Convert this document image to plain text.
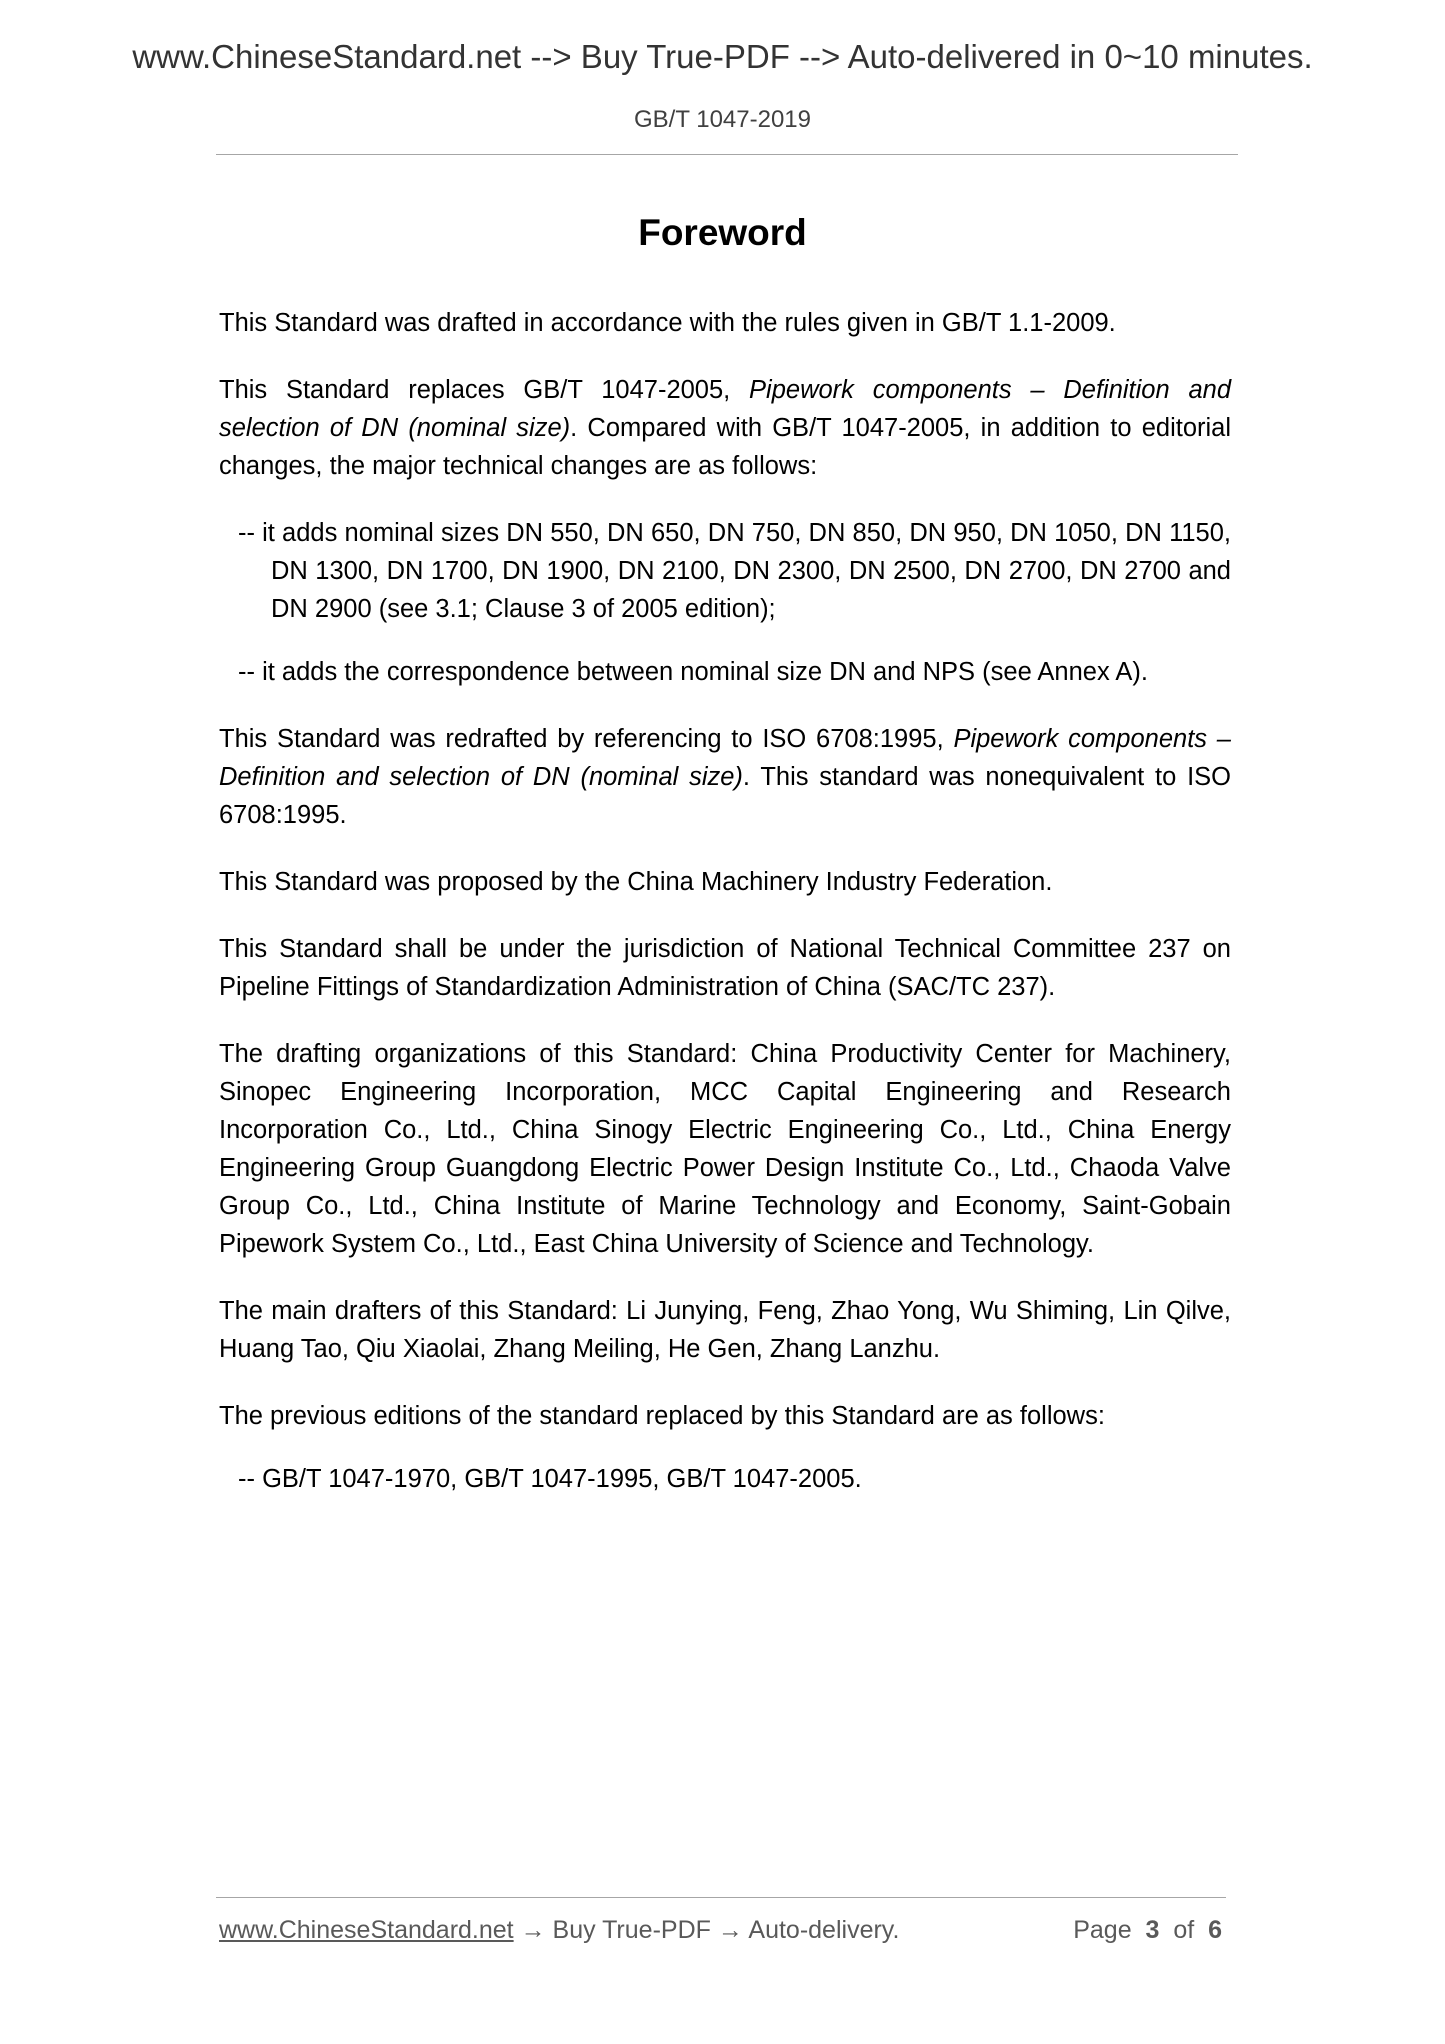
www.ChineseStandard.net --> Buy True-PDF --> Auto-delivered in 0~10 minutes.
GB/T 1047-2019
Foreword

This Standard was drafted in accordance with the rules given in GB/T 1.1-2009.

This Standard replaces GB/T 1047-2005, Pipework components – Definition and selection of DN (nominal size). Compared with GB/T 1047-2005, in addition to editorial changes, the major technical changes are as follows:

-- it adds nominal sizes DN 550, DN 650, DN 750, DN 850, DN 950, DN 1050, DN 1150, DN 1300, DN 1700, DN 1900, DN 2100, DN 2300, DN 2500, DN 2700, DN 2700 and DN 2900 (see 3.1; Clause 3 of 2005 edition);

-- it adds the correspondence between nominal size DN and NPS (see Annex A).

This Standard was redrafted by referencing to ISO 6708:1995, Pipework components – Definition and selection of DN (nominal size). This standard was nonequivalent to ISO 6708:1995.

This Standard was proposed by the China Machinery Industry Federation.

This Standard shall be under the jurisdiction of National Technical Committee 237 on Pipeline Fittings of Standardization Administration of China (SAC/TC 237).

The drafting organizations of this Standard: China Productivity Center for Machinery, Sinopec Engineering Incorporation, MCC Capital Engineering and Research Incorporation Co., Ltd., China Sinogy Electric Engineering Co., Ltd., China Energy Engineering Group Guangdong Electric Power Design Institute Co., Ltd., Chaoda Valve Group Co., Ltd., China Institute of Marine Technology and Economy, Saint-Gobain Pipework System Co., Ltd., East China University of Science and Technology.

The main drafters of this Standard: Li Junying, Feng, Zhao Yong, Wu Shiming, Lin Qilve, Huang Tao, Qiu Xiaolai, Zhang Meiling, He Gen, Zhang Lanzhu.

The previous editions of the standard replaced by this Standard are as follows:

-- GB/T 1047-1970, GB/T 1047-1995, GB/T 1047-2005.

www.ChineseStandard.net → Buy True-PDF → Auto-delivery.	Page 3 of 6
